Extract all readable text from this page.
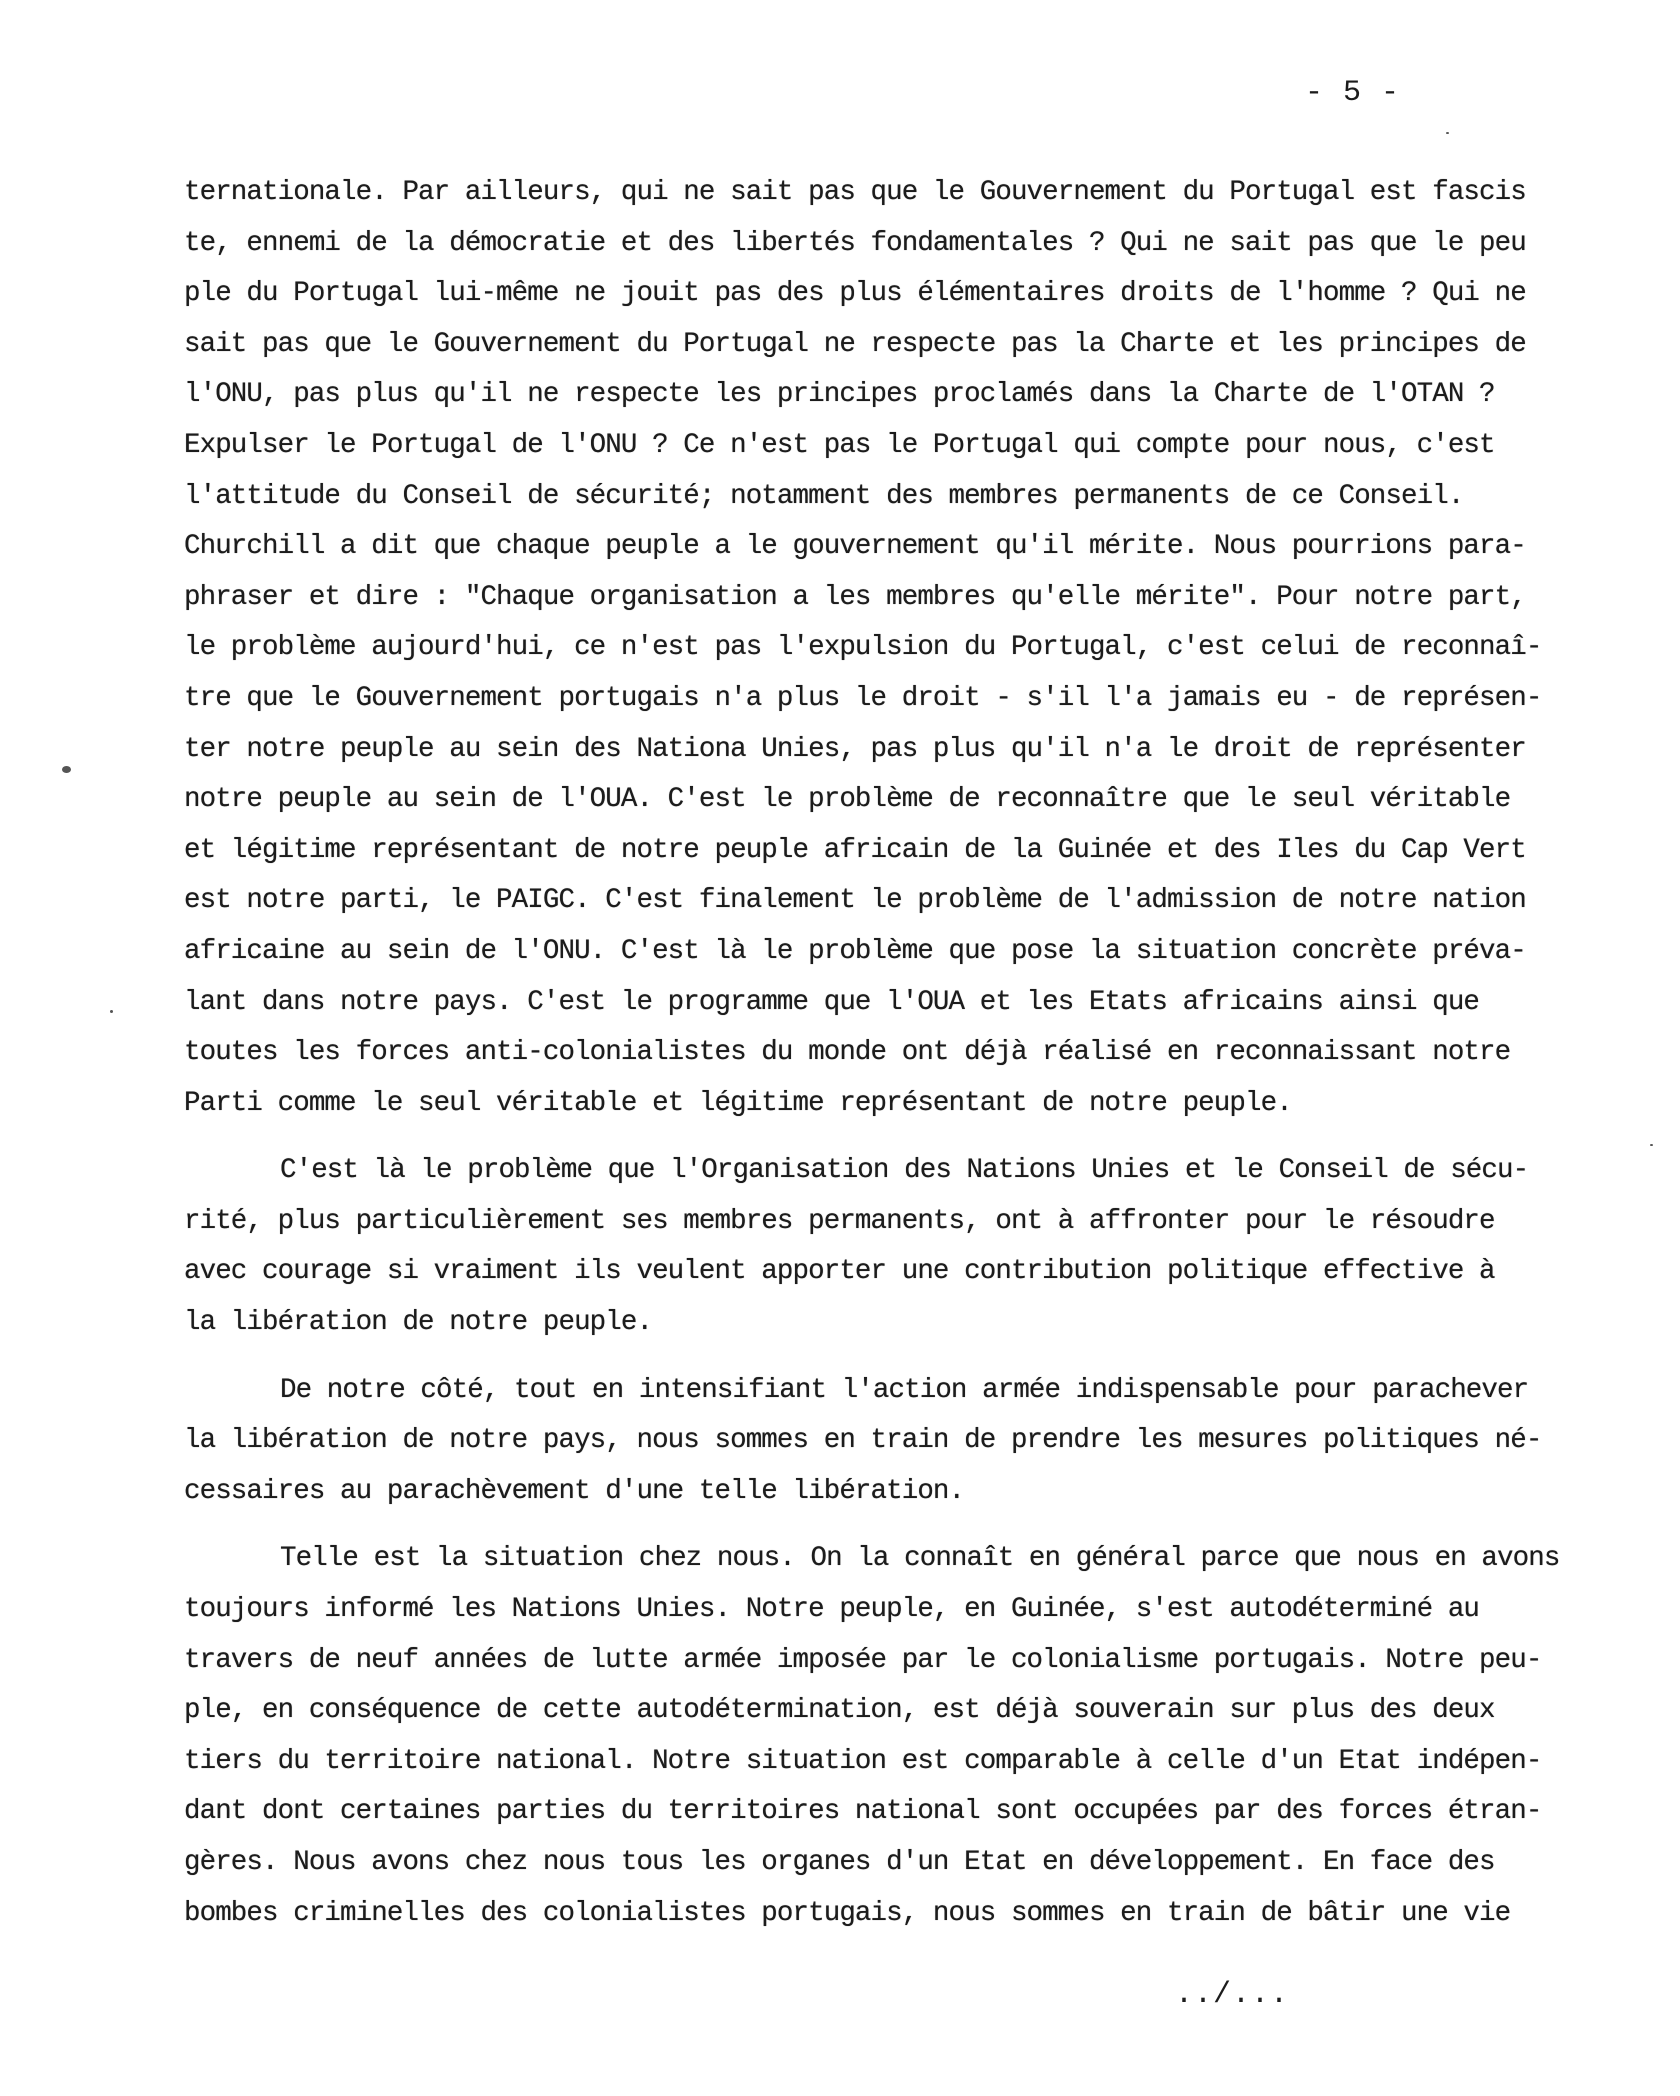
- 5 -
ternationale. Par ailleurs, qui ne sait pas que le Gouvernement du Portugal est fascis
te, ennemi de la démocratie et des libertés fondamentales ? Qui ne sait pas que le peu
ple du Portugal lui-même ne jouit pas des plus élémentaires droits de l'homme ? Qui ne
sait pas que le Gouvernement du Portugal ne respecte pas la Charte et les principes de
l'ONU, pas plus qu'il ne respecte les principes proclamés dans la Charte de l'OTAN ?
Expulser le Portugal de l'ONU ? Ce n'est pas le Portugal qui compte pour nous, c'est
l'attitude du Conseil de sécurité; notamment des membres permanents de ce Conseil.
Churchill a dit que chaque peuple a le gouvernement qu'il mérite. Nous pourrions para-
phraser et dire : "Chaque organisation a les membres qu'elle mérite". Pour notre part,
le problème aujourd'hui, ce n'est pas l'expulsion du Portugal, c'est celui de reconnaî-
tre que le Gouvernement portugais n'a plus le droit - s'il l'a jamais eu - de représen-
ter notre peuple au sein des Nationa Unies, pas plus qu'il n'a le droit de représenter
notre peuple au sein de l'OUA. C'est le problème de reconnaître que le seul véritable
et légitime représentant de notre peuple africain de la Guinée et des Iles du Cap Vert
est notre parti, le PAIGC. C'est finalement le problème de l'admission de notre nation
africaine au sein de l'ONU. C'est là le problème que pose la situation concrète préva-
lant dans notre pays. C'est le programme que l'OUA et les Etats africains ainsi que
toutes les forces anti-colonialistes du monde ont déjà réalisé en reconnaissant notre
Parti comme le seul véritable et légitime représentant de notre peuple.
C'est là le problème que l'Organisation des Nations Unies et le Conseil de sécu-
rité, plus particulièrement ses membres permanents, ont à affronter pour le résoudre
avec courage si vraiment ils veulent apporter une contribution politique effective à
la libération de notre peuple.
De notre côté, tout en intensifiant l'action armée indispensable pour parachever
la libération de notre pays, nous sommes en train de prendre les mesures politiques né-
cessaires au parachèvement d'une telle libération.
Telle est la situation chez nous. On la connaît en général parce que nous en avons
toujours informé les Nations Unies. Notre peuple, en Guinée, s'est autodéterminé au
travers de neuf années de lutte armée imposée par le colonialisme portugais. Notre peu-
ple, en conséquence de cette autodétermination, est déjà souverain sur plus des deux
tiers du territoire national. Notre situation est comparable à celle d'un Etat indépen-
dant dont certaines parties du territoires national sont occupées par des forces étran-
gères. Nous avons chez nous tous les organes d'un Etat en développement. En face des
bombes criminelles des colonialistes portugais, nous sommes en train de bâtir une vie
../...
